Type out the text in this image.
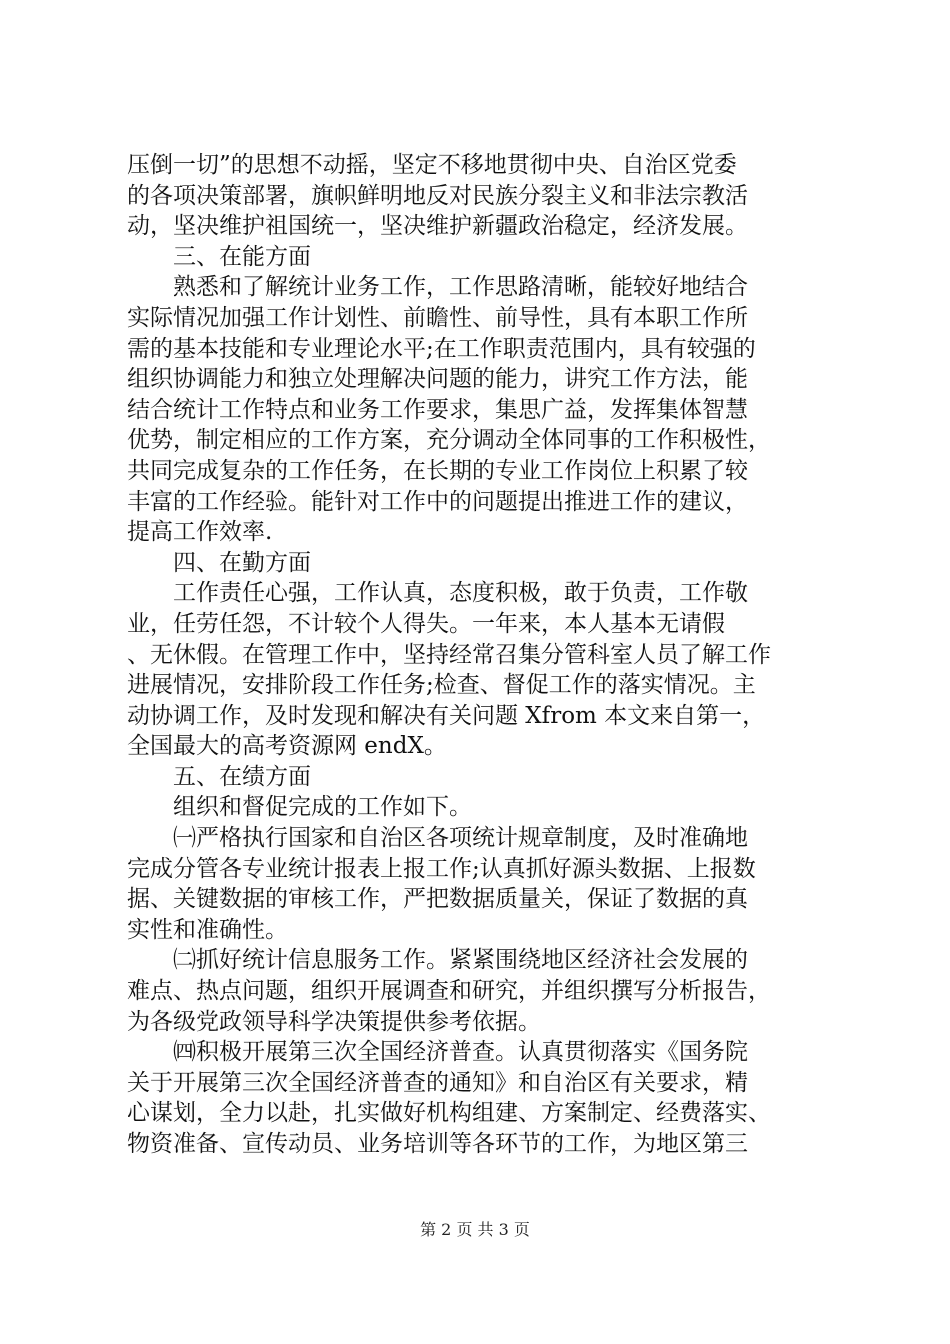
压倒一切”的思想不动摇，坚定不移地贯彻中央、自治区党委
的各项决策部署，旗帜鲜明地反对民族分裂主义和非法宗教活
动，坚决维护祖国统一，坚决维护新疆政治稳定，经济发展。
三、在能方面
熟悉和了解统计业务工作，工作思路清晰，能较好地结合
实际情况加强工作计划性、前瞻性、前导性，具有本职工作所
需的基本技能和专业理论水平;在工作职责范围内，具有较强的
组织协调能力和独立处理解决问题的能力，讲究工作方法，能
结合统计工作特点和业务工作要求，集思广益，发挥集体智慧
优势，制定相应的工作方案，充分调动全体同事的工作积极性，
共同完成复杂的工作任务，在长期的专业工作岗位上积累了较
丰富的工作经验。能针对工作中的问题提出推进工作的建议，
提高工作效率.
四、在勤方面
工作责任心强，工作认真，态度积极，敢于负责，工作敬
业，任劳任怨，不计较个人得失。一年来，本人基本无请假
、无休假。在管理工作中，坚持经常召集分管科室人员了解工作
进展情况，安排阶段工作任务;检查、督促工作的落实情况。主
动协调工作，及时发现和解决有关问题 Xfrom 本文来自第一，
全国最大的高考资源网 endX。
五、在绩方面
组织和督促完成的工作如下。
㈠严格执行国家和自治区各项统计规章制度，及时准确地
完成分管各专业统计报表上报工作;认真抓好源头数据、上报数
据、关键数据的审核工作，严把数据质量关，保证了数据的真
实性和准确性。
㈡抓好统计信息服务工作。紧紧围绕地区经济社会发展的
难点、热点问题，组织开展调查和研究，并组织撰写分析报告，
为各级党政领导科学决策提供参考依据。
㈣积极开展第三次全国经济普查。认真贯彻落实《国务院
关于开展第三次全国经济普查的通知》和自治区有关要求，精
心谋划，全力以赴，扎实做好机构组建、方案制定、经费落实、
物资准备、宣传动员、业务培训等各环节的工作，为地区第三
第 2 页 共 3 页
